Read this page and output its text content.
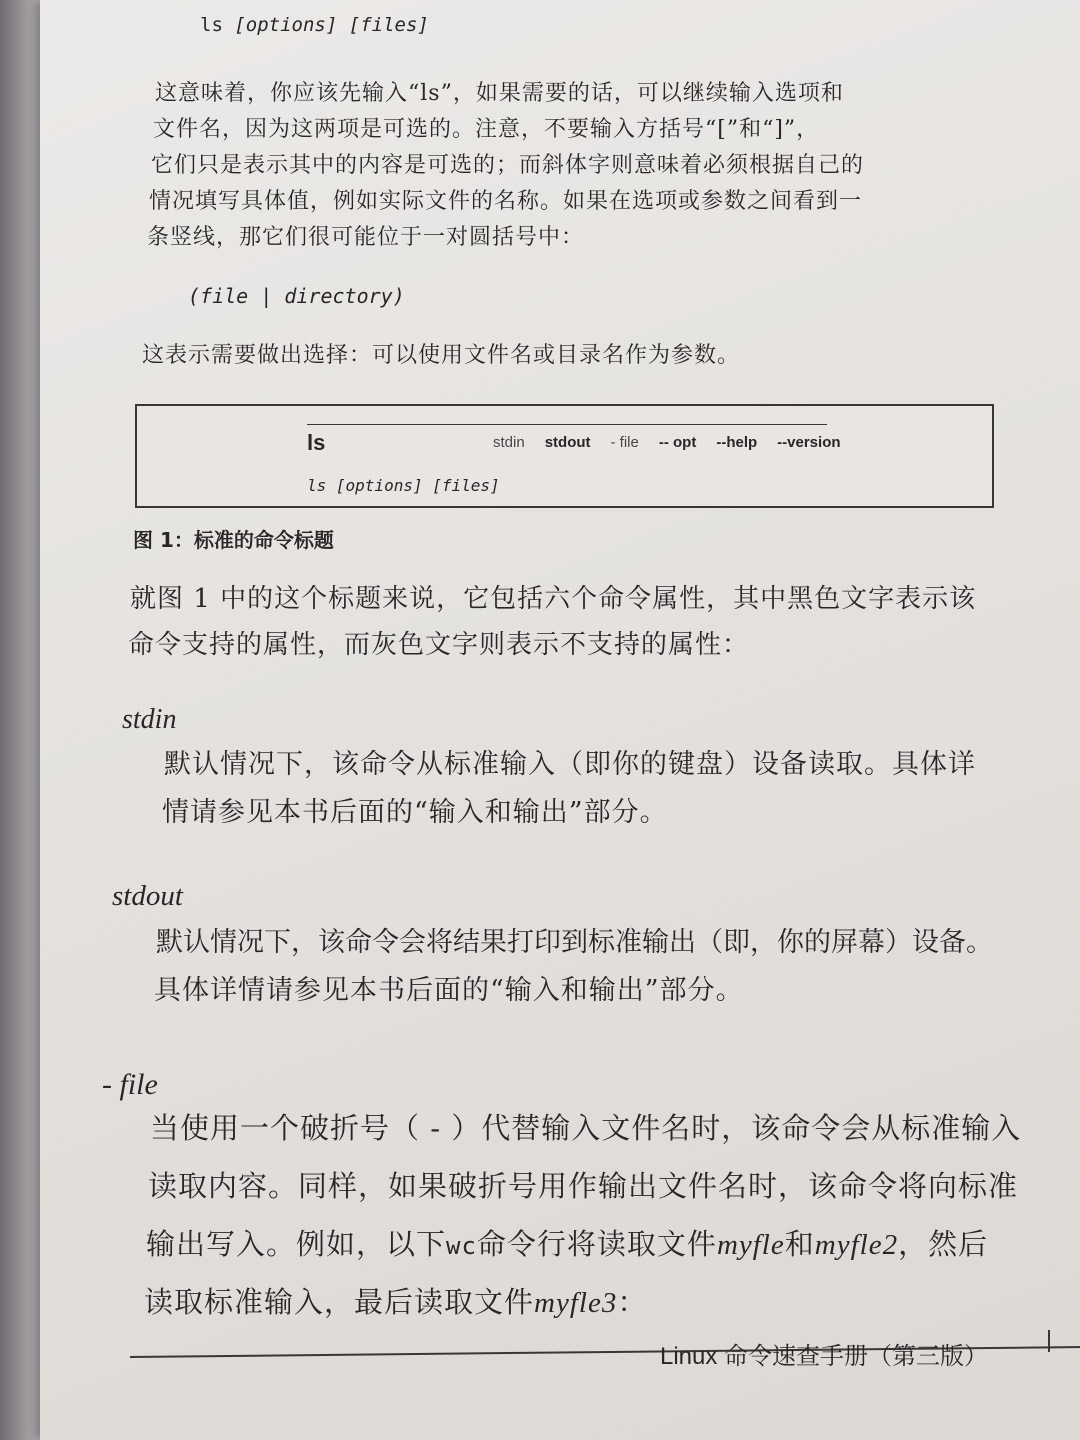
ls [options] [files]
这意味着，你应该先输入“ls”，如果需要的话，可以继续输入选项和
文件名，因为这两项是可选的。注意，不要输入方括号“[”和“]”，
它们只是表示其中的内容是可选的；而斜体字则意味着必须根据自己的
情况填写具体值，例如实际文件的名称。如果在选项或参数之间看到一
条竖线，那它们很可能位于一对圆括号中：
(file | directory)
这表示需要做出选择：可以使用文件名或目录名作为参数。
ls	stdin stdout - file -- opt --help --version
ls [options] [files]
图 1：标准的命令标题
就图 1 中的这个标题来说，它包括六个命令属性，其中黑色文字表示该
命令支持的属性，而灰色文字则表示不支持的属性：
stdin
默认情况下，该命令从标准输入（即你的键盘）设备读取。具体详
情请参见本书后面的“输入和输出”部分。
stdout
默认情况下，该命令会将结果打印到标准输出（即，你的屏幕）设备。
具体详情请参见本书后面的“输入和输出”部分。
- file
当使用一个破折号（ - ）代替输入文件名时，该命令会从标准输入
读取内容。同样，如果破折号用作输出文件名时，该命令将向标准
输出写入。例如，以下wc命令行将读取文件myfle和myfle2，然后
读取标准输入，最后读取文件myfle3：
Linux 命令速查手册（第三版）
